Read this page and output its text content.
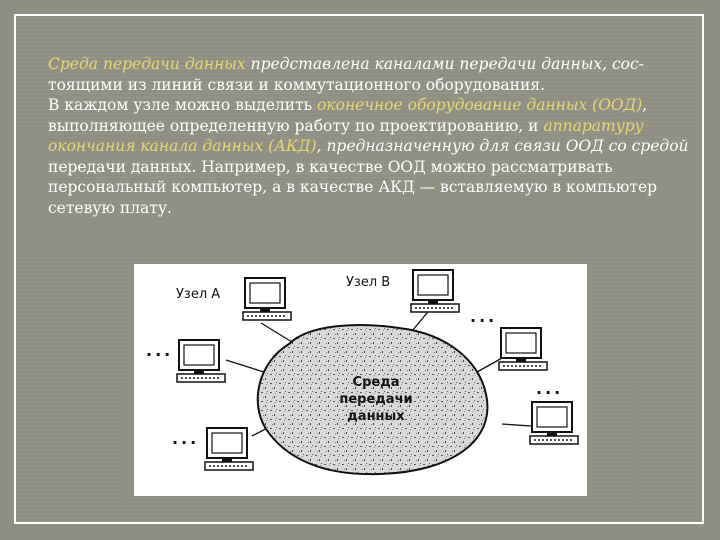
Среда передачи данных представлена каналами передачи данных, сос-
тоящими из линий связи и коммутационного оборудования.
В каждом узле можно выделить оконечное оборудование данных (ООД),
выполняющее определенную работу по проектированию, и аппаратуру
окончания канала данных (АКД), предназначенную для связи ООД со средой
передачи данных. Например, в качестве ООД можно рассматривать
персональный компьютер, а в качестве АКД — вставляемую в компьютер
сетевую плату.
Среда
передачи
данных
Узел A
Узел B
...
...
...
...
